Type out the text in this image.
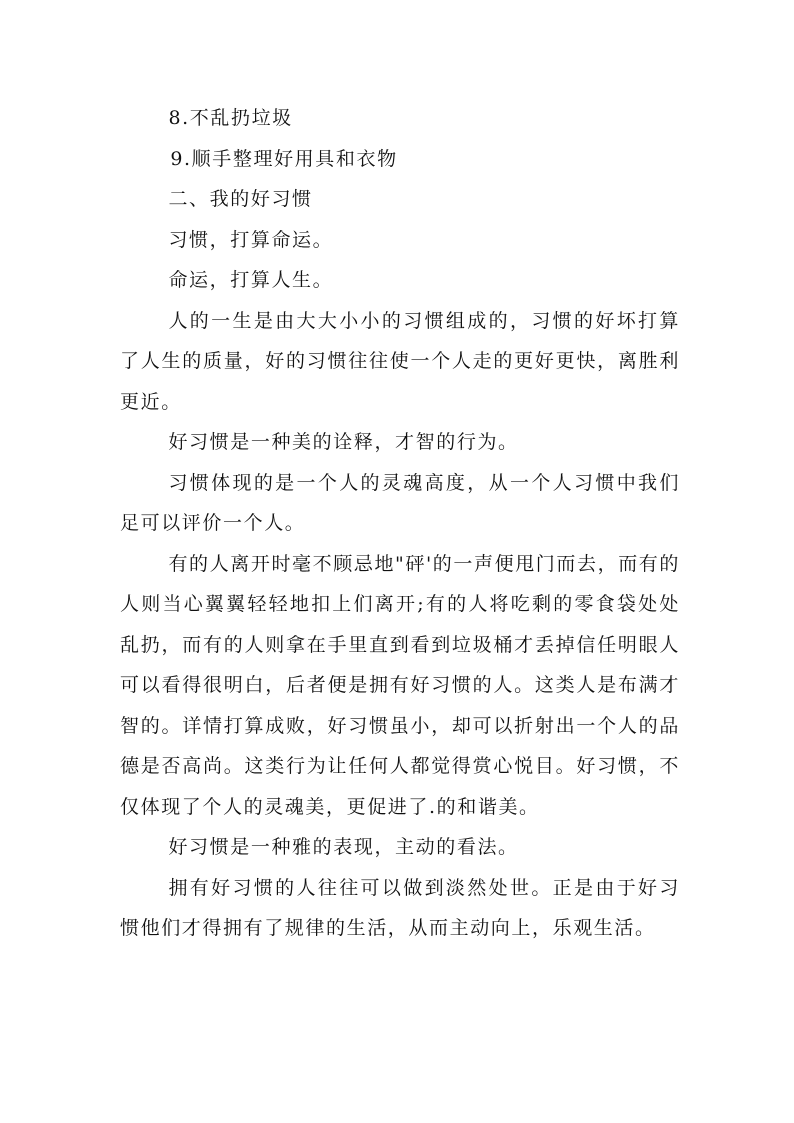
8.不乱扔垃圾

9.顺手整理好用具和衣物

二、我的好习惯

习惯，打算命运。

命运，打算人生。

人的一生是由大大小小的习惯组成的，习惯的好坏打算了人生的质量，好的习惯往往使一个人走的更好更快，离胜利更近。

好习惯是一种美的诠释，才智的行为。

习惯体现的是一个人的灵魂高度，从一个人习惯中我们足可以评价一个人。

有的人离开时毫不顾忌地"砰'的一声便甩门而去，而有的人则当心翼翼轻轻地扣上们离开;有的人将吃剩的零食袋处处乱扔，而有的人则拿在手里直到看到垃圾桶才丢掉信任明眼人可以看得很明白，后者便是拥有好习惯的人。这类人是布满才智的。详情打算成败，好习惯虽小，却可以折射出一个人的品德是否高尚。这类行为让任何人都觉得赏心悦目。好习惯，不仅体现了个人的灵魂美，更促进了.的和谐美。

好习惯是一种雅的表现，主动的看法。

拥有好习惯的人往往可以做到淡然处世。正是由于好习惯他们才得拥有了规律的生活，从而主动向上，乐观生活。
